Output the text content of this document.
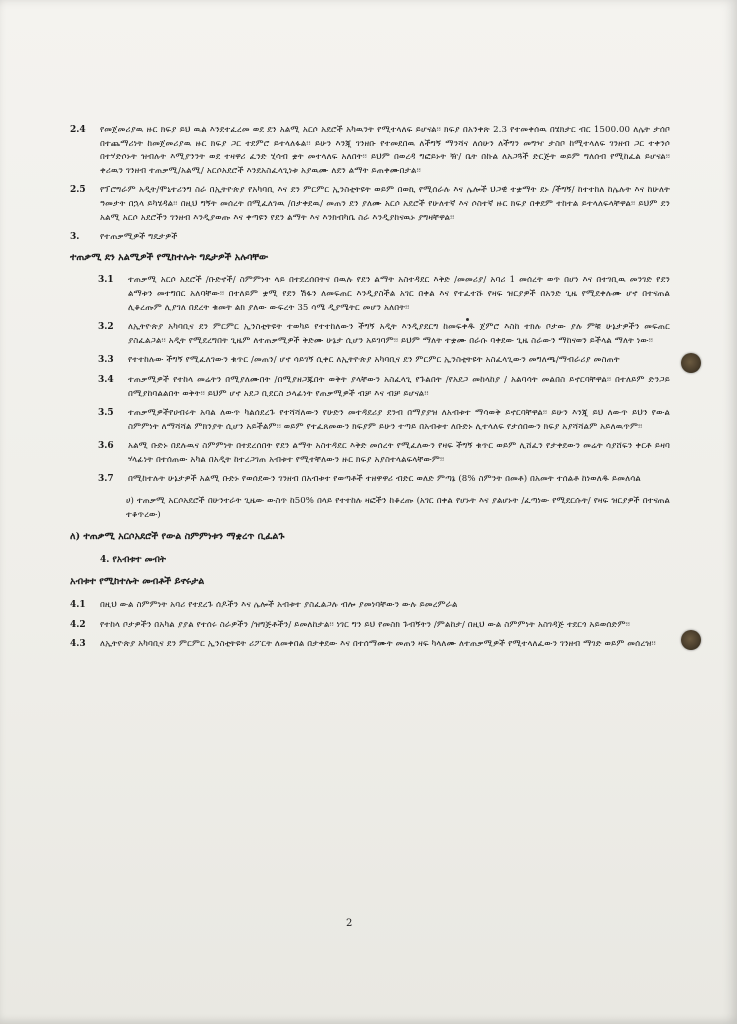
2.4	የመጀመሪያዉ ዙር ክፍያ ይህ ዉል እንደተፈረመ ወደ ደን አልሚ አርሶ አደሮች አካዉንት የሚተላለፍ ይሆናል፡፡ ክፍያ በአንቀጽ 2.3 የተመቀሰዉ በሄክታር ብር 1500.00 ለሌት ታሰቦ በተጨማሪነት ከመጀመሪያዉ ዙር ክፍያ ጋር ተደምሮ ይተላለፋል፡፡ ይሁን እንጂ ገንዘቡ የተመደበዉ ለችግኝ ማንሻና ለሰሁን ለችግን መግዣ ታስቦ ከሚተላለፍ ገንዘብ ጋር ተቀንሶ በተሃድሶኑት ዝብሉት እሚያንንት ወደ ተዛዋሪ ፈንድ ሂሳብ ቋት መተላለፍ አለበት፡፡ ይህም በወረዳ ግፎይኑት ዥ/ ቤት በኩል ለአጋጓች ድርጅት ወይም ግለሰብ የሚከፈል ይሆናል፡፡ ቀሪዉን ገንዘብ ተጠቃሚ/አልሚ/ አርሶአደሮች እንደአስፈላጊነቱ አያዉሙ ለደን ልማት ይጠቀሙበታል፡፡
2.5	የፕሮግራም አዲት/ሞኒተሪንግ ስራ በኢትዮጵያ የአካባቢ እና ደን ምርምር ኢንስቲትዩት ወይም በወኪ የሚሰራሉ እና ሌሎች ህጋዊ ተቋማት ደኑ /ችግኝ/ ከተተከለ ከሌሉት እና ከሁለት ዓመታት በኋላ ይካሄዳል፡፡ በዚህ ግኝት መሰረት በሚፈለገዉ /በታቀደዉ/ መጠን ደን ያለሙ አርሶ አደሮች የሁለተኛ እና ሶስተኛ ዙር ክፍያ በቀደም ተከተል ይተላለፍላቸዋል፡፡ ይህም ደን አልሚ አርሶ አደሮችን ገንዘብ እንዲያወጡ እና ቀጣዩን የደን ልማት እና እንክብካቤ ስራ እንዲያከናዉኑ ያግዛቸዋል፡፡
3.	የተጠቃሚዎች ግዴታዎች
ተጠቃሚ ደን አልሚዎች የሚከተሉት ግዴታዎች አሉባቸው
3.1	ተጠቃሚ አርሶ አደሮች /ቡድኖች/ ስምምነት ላይ በተደረሰበትና በዉሉ የደን ልማት አስተዳደር እቅድ /መመሪያ/ አባሪ 1 መሰረት ወጥ በሆነ እና በተገቢዉ መንገድ የደን ልማቱን መተግበር አለባቸው፡፡ በተለይም ቋሚ የደን ሽፋን ለመፍጠር እንዲያስችል አገር በቀል እና የተፈተሹ የዛፍ ዝርያዎች በአንድ ጊዜ የሚደቀሉሙ ሆኖ በተናጠል ሊቆረጡም ሊያገለ በደረት ቁመት ልክ ያለው ውፍረት 35 ሳሜ ዲያሜትር መሆን አለበት፡፡
3.2	ለኢትዮጵያ አካባቢና ደን ምርምር ኢንስቲትዩት ተወካይ የተተከለውን ችግኝ አዲት እንዲያደርግ ከመፍቀዱ ጀምሮ እስከ ተክሉ ቦታው ያሉ ምቹ ሁኔታዎችን መፍጠር ያስፈልጋል፡፡ አዲት የሚደረግበት ጊዜም ለተጠቃሚዎች ቅድሙ ሁኔታ ሲሆን አይገባም፡፡ ይህም ማለት ተቋሙ በራሱ ባቀደው ጊዜ ስራውን ማከናወን ይችላል ማለት ነው፡፡
3.3	የተተከሉው ችግኝ የሚፈለገውን ቁጥር /መጠን/ ሆኖ ሳይገኝ ሲቀር ለኢትዮጵያ አካባቢና ደን ምርምር ኢንስቲትዩት አስፈላጊውን መግለጫ/ማብራሪያ መስጠት
3.4	ተጠቃሚዎች የተከላ መሬትን በሚያለሙበት /በሚያዘጋጁበት ወቅት ያላቸውን አስፈላጊ የጉልበት /የአደጋ መከላከያ / አልባሳት መልበስ ይኖርባቸዋል፡፡ በተለይም ድንጋይ በሚያከባልልበት ወቅት፡፡ ይህም ሆኖ አደጋ ቢደርስ ኃላፊነት የጠቃሚዎች ብቻ እና ብቻ ይሆናል፡፡
3.5	ተጠቃሚዎችየሀብሩት አባል ለውጥ ካልሰደረጉ የተሻሻለውን የሁድን መተዳደሪያ ደንብ በማያያዝ ለአብቱተ ማሳወቅ ይኖርባቸዋል፡፡ ይሁን እንጂ ይህ ለውጥ ይህን የውል ስምምነት ለማሻሻል ምክንያት ሲሆን አይችልም፡፡ ወይም የተፈጸመውን ክፍያም ይሁን ተጣይ በአብቱተ ለቡድኑ ሊተላለፍ የታሰበውን ክፍያ አያሻሻልም አይለዉጥም፡፡
3.6	አልሚ ቡድኑ በደሉዉና ስምምነት በተደረሰበት የደን ልማት አስተዳደር እቅድ መሰረት የሚፈለውን የዛፍ ችግኝ ቁጥር ወይም ሊሸፈን የታቀደውን መሬት ሳያሸፍን ቀርቶ ይዛባ ሃላፊነት በተሰጠው አካል በአዲት ከተረጋገጠ አብቱተ የሚተቸለውን ዙር ክፍያ አያስተላልፍላቸውም፡፡
3.7	በሚከተሉት ሁኔታዎች አልሚ ቡድኑ የወሰደውን ገንዘብ በአብቱተ የወጣቶች ተዘዋዋሪ ብድር ወለድ ምጣኔ (8% ስምንት በመቶ) በአመት ተሰልቶ ከነወለዱ ይመለሳል
ሀ) ተጠቃሚ አርሶአደሮች በሁንተራት ጊዜው ውስጥ ከ50% በላይ የተተከሉ ዛፎችን ከቆረጡ (አገር በቀል የሆኑት እና ያልሆኑት /ፈጣነው የሚደርሱት/ የዛፍ ዝርያዎች በተናጠል ተቆጥረው)
ለ) ተጠቃሚ አርሶአደሮች የውል ስምምነቱን ማቋረጥ ቢፈልጉ
4. የአብቱተ መብት
አብቱተ የሚከተሉት መብቶች ይኖሩታል
4.1	በዚህ ውል ስምምነት አባሪ የተደረጉ ሰዶችን እና ሌሎች አብቱተ ያስፈልጋሉ ብሎ ያመነባቸውን ውሉ ይመረምራል
4.2	የተከላ ቦታዎችን በአካል ያያል የተሰሩ ስራዎችን /ዝግጅቶችን/ ይመለከታል፡፡ ነገር ግን ይህ የመስክ ጉብኝትን /ምልከታ/ በዚህ ውል ስምምነት አስገዳጅ ተደርጎ አይወሰድም፡፡
4.3	ለኢትዮጵያ አካባቢና ደን ምርምር ኢንስቲትዩት ሪፖርት ለመቀበል በታቀደው እና በተሰማሙት መጠን ዛፍ ካላለሙ ለተጠቃሚዎች የሚተላለፈውን ገንዘብ ማገድ ወይም መሰረዝ፡፡
2
